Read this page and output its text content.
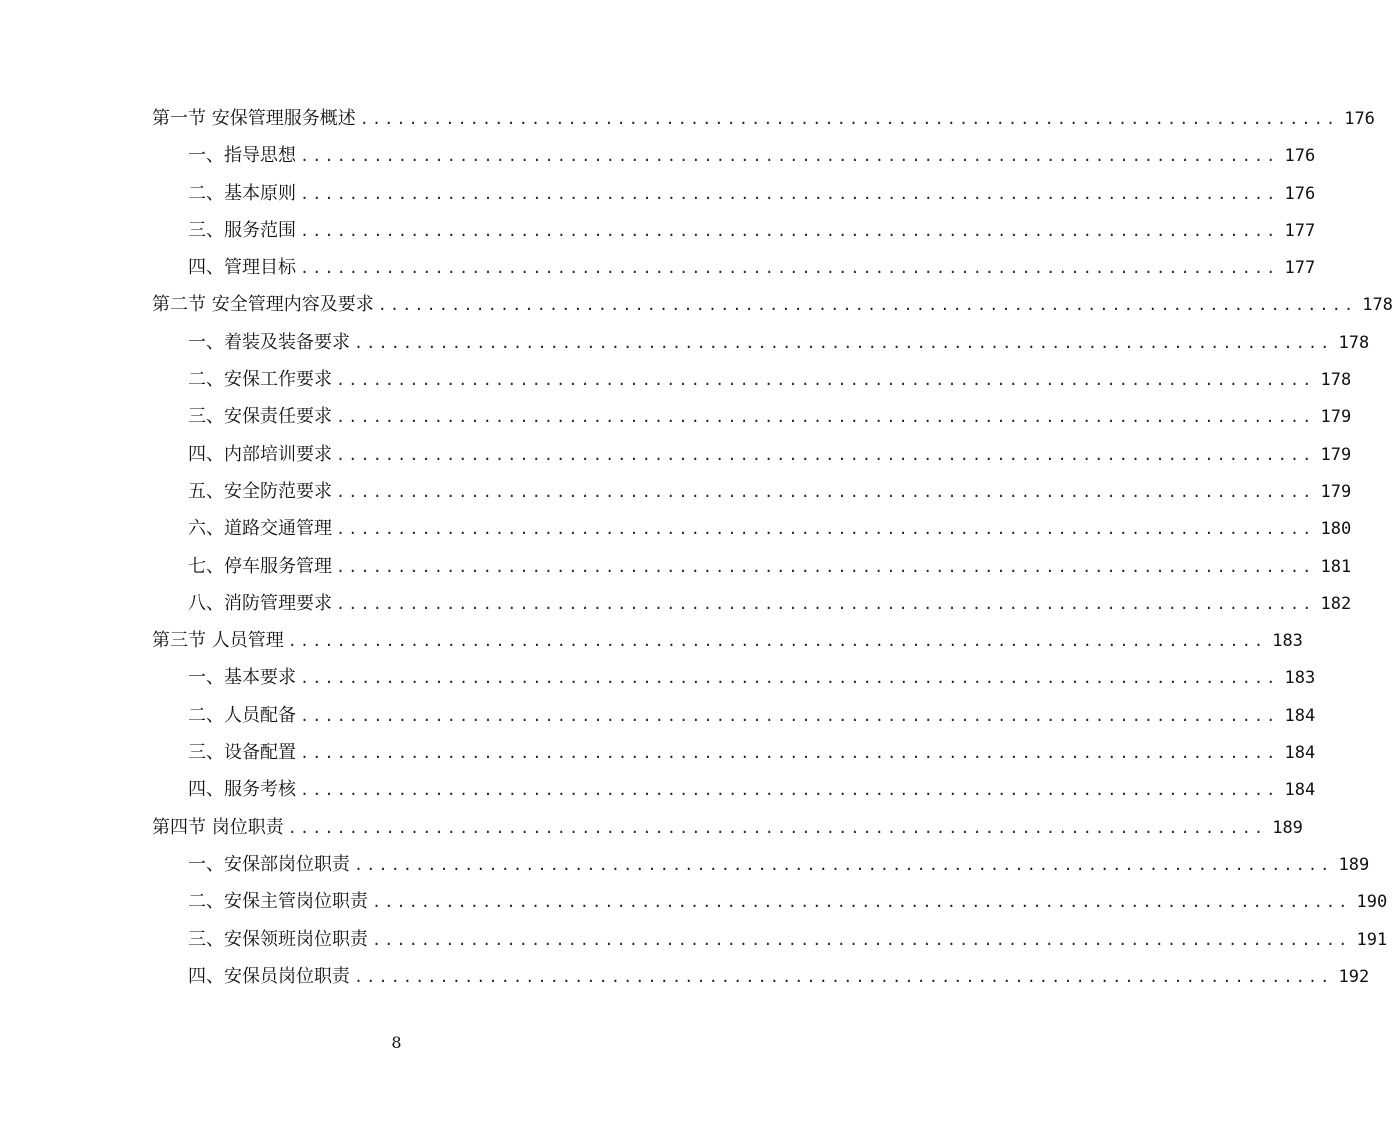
第一节 安保管理服务概述 ................................................................................ 176
一、指导思想 ................................................................................ 176
二、基本原则 ................................................................................ 176
三、服务范围 ................................................................................ 177
四、管理目标 ................................................................................ 177
第二节 安全管理内容及要求 ................................................................................ 178
一、着装及装备要求 ................................................................................ 178
二、安保工作要求 ................................................................................ 178
三、安保责任要求 ................................................................................ 179
四、内部培训要求 ................................................................................ 179
五、安全防范要求 ................................................................................ 179
六、道路交通管理 ................................................................................ 180
七、停车服务管理 ................................................................................ 181
八、消防管理要求 ................................................................................ 182
第三节 人员管理 ................................................................................ 183
一、基本要求 ................................................................................ 183
二、人员配备 ................................................................................ 184
三、设备配置 ................................................................................ 184
四、服务考核 ................................................................................ 184
第四节 岗位职责 ................................................................................ 189
一、安保部岗位职责 ................................................................................ 189
二、安保主管岗位职责 ................................................................................ 190
三、安保领班岗位职责 ................................................................................ 191
四、安保员岗位职责 ................................................................................ 192
8
